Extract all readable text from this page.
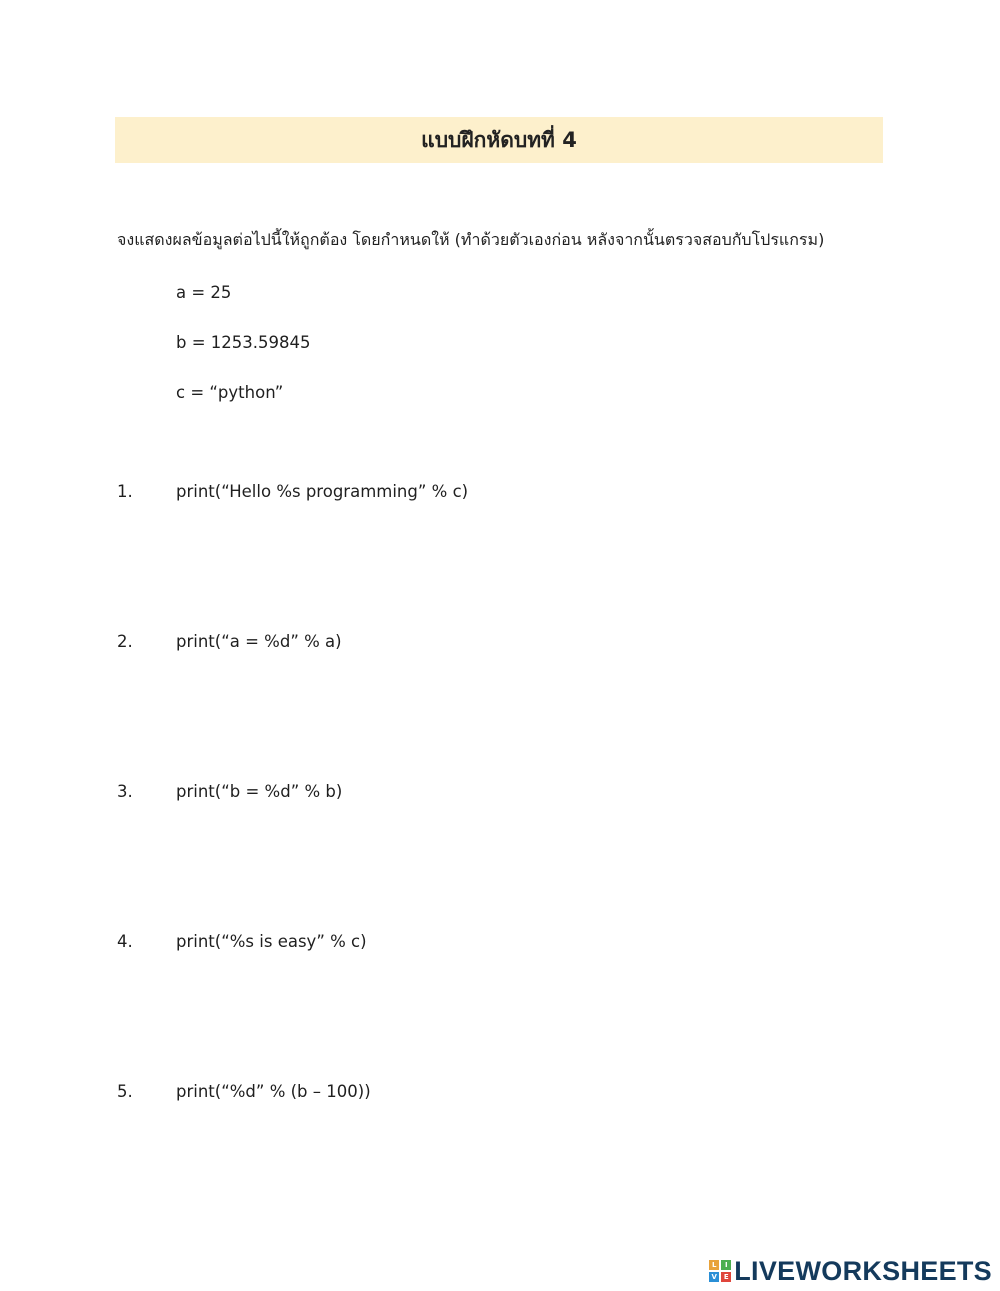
แบบฝึกหัดบทที่ 4
จงแสดงผลข้อมูลต่อไปนี้ให้ถูกต้อง โดยกำหนดให้ (ทำด้วยตัวเองก่อน หลังจากนั้นตรวจสอบกับโปรแกรม)
a = 25
b = 1253.59845
c = “python”
1.	print(“Hello %s programming” % c)
2.	print(“a = %d” % a)
3.	print(“b = %d” % b)
4.	print(“%s is easy” % c)
5.	print(“%d” % (b – 100))
L	I
V E LIVEWORKSHEETS
